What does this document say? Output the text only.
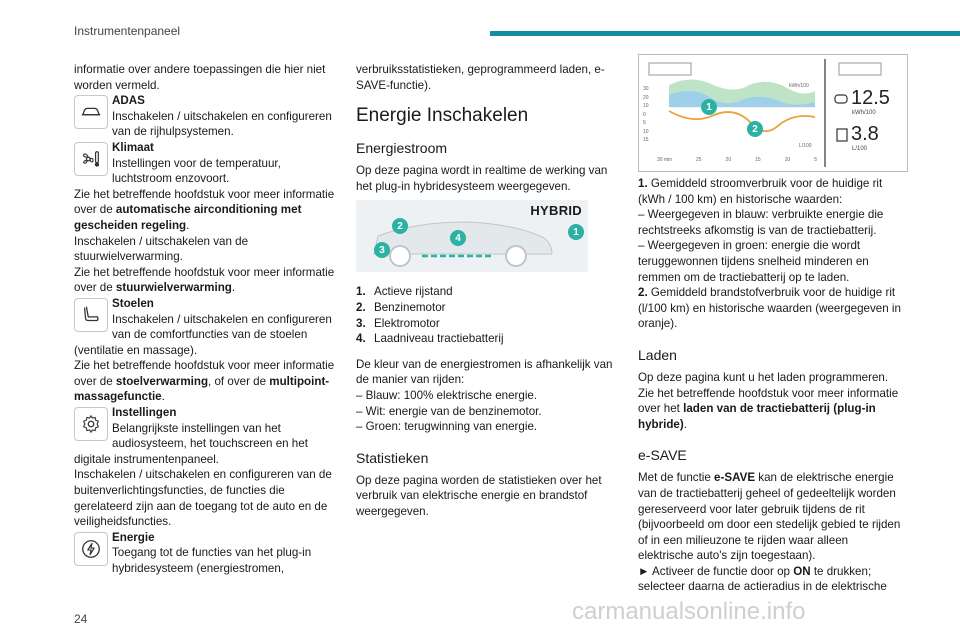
Instrumentenpaneel

informatie over andere toepassingen die hier niet worden vermeld.

ADAS
Inschakelen / uitschakelen en configureren van de rijhulpsystemen.
Klimaat
Instellingen voor de temperatuur, luchtstroom enzovoort.

Zie het betreffende hoofdstuk voor meer informatie over de automatische airconditioning met gescheiden regeling.

Inschakelen / uitschakelen van de stuurwielverwarming.

Zie het betreffende hoofdstuk voor meer informatie over de stuurwielverwarming.

Stoelen
Inschakelen / uitschakelen en configureren van de comfortfuncties van de stoelen (ventilatie en massage).

Zie het betreffende hoofdstuk voor meer informatie over de stoelverwarming, of over de multipoint-massagefunctie.

Instellingen
Belangrijkste instellingen van het audiosysteem, het touchscreen en het digitale instrumentenpaneel.

Inschakelen / uitschakelen en configureren van de buitenverlichtingsfuncties, de functies die gerelateerd zijn aan de toegang tot de auto en de veiligheidsfuncties.

Energie
Toegang tot de functies van het plug-in hybridesysteem (energiestromen,

verbruiksstatistieken, geprogrammeerd laden, e-SAVE-functie).

Energie Inschakelen
Energiestroom

Op deze pagina wordt in realtime de werking van het plug-in hybridesysteem weergegeven.

HYBRID
1
2
3
4
1. Actieve rijstand
2. Benzinemotor
3. Elektromotor
4. Laadniveau tractiebatterij

De kleur van de energiestromen is afhankelijk van de manier van rijden:

– Blauw: 100% elektrische energie.

– Wit: energie van de benzinemotor.

– Groen: terugwinning van energie.

Statistieken

Op deze pagina worden de statistieken over het verbruik van elektrische energie en brandstof weergegeven.

1
2
30
20
10
0
5
10
15
kWh/100
L/100
30 min	25	20	15	10	5
12.5
kWh/100
3.8
L/100

1. Gemiddeld stroomverbruik voor de huidige rit (kWh / 100 km) en historische waarden:

– Weergegeven in blauw: verbruikte energie die rechtstreeks afkomstig is van de tractiebatterij.

– Weergegeven in groen: energie die wordt teruggewonnen tijdens snelheid minderen en remmen om de tractiebatterij op te laden.

2. Gemiddeld brandstofverbruik voor de huidige rit (l/100 km) en historische waarden (weergegeven in oranje).

Laden

Op deze pagina kunt u het laden programmeren. Zie het betreffende hoofdstuk voor meer informatie over het laden van de tractiebatterij (plug-in hybride).

e-SAVE

Met de functie e-SAVE kan de elektrische energie van de tractiebatterij geheel of gedeeltelijk worden gereserveerd voor later gebruik tijdens de rit (bijvoorbeeld om door een stedelijk gebied te rijden of in een milieuzone te rijden waar alleen elektrische auto's zijn toegestaan).

► Activeer de functie door op ON te drukken; selecteer daarna de actieradius in de elektrische

24	carmanualsonline.info
